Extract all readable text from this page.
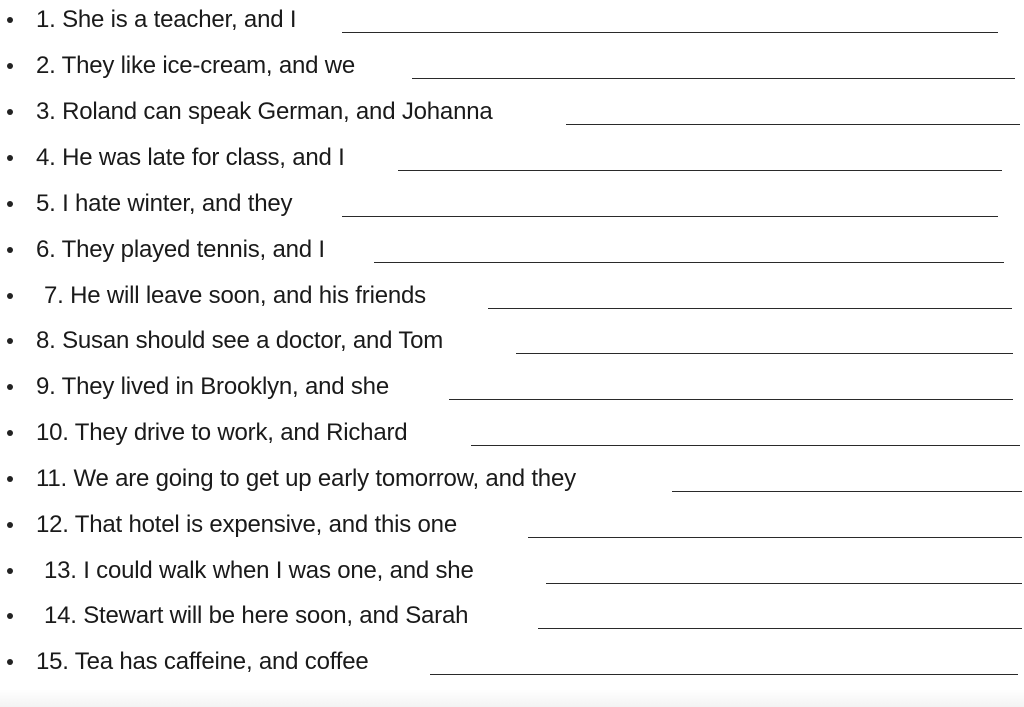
1. She is a teacher, and I
2. They like ice-cream, and we
3. Roland can speak German, and Johanna
4. He was late for class, and I
5. I hate winter, and they
6. They played tennis, and I
7. He will leave soon, and his friends
8. Susan should see a doctor, and Tom
9. They lived in Brooklyn, and she
10. They drive to work, and Richard
11. We are going to get up early tomorrow, and they
12. That hotel is expensive, and this one
13. I could walk when I was one, and she
14. Stewart will be here soon, and Sarah
15. Tea has caffeine, and coffee
